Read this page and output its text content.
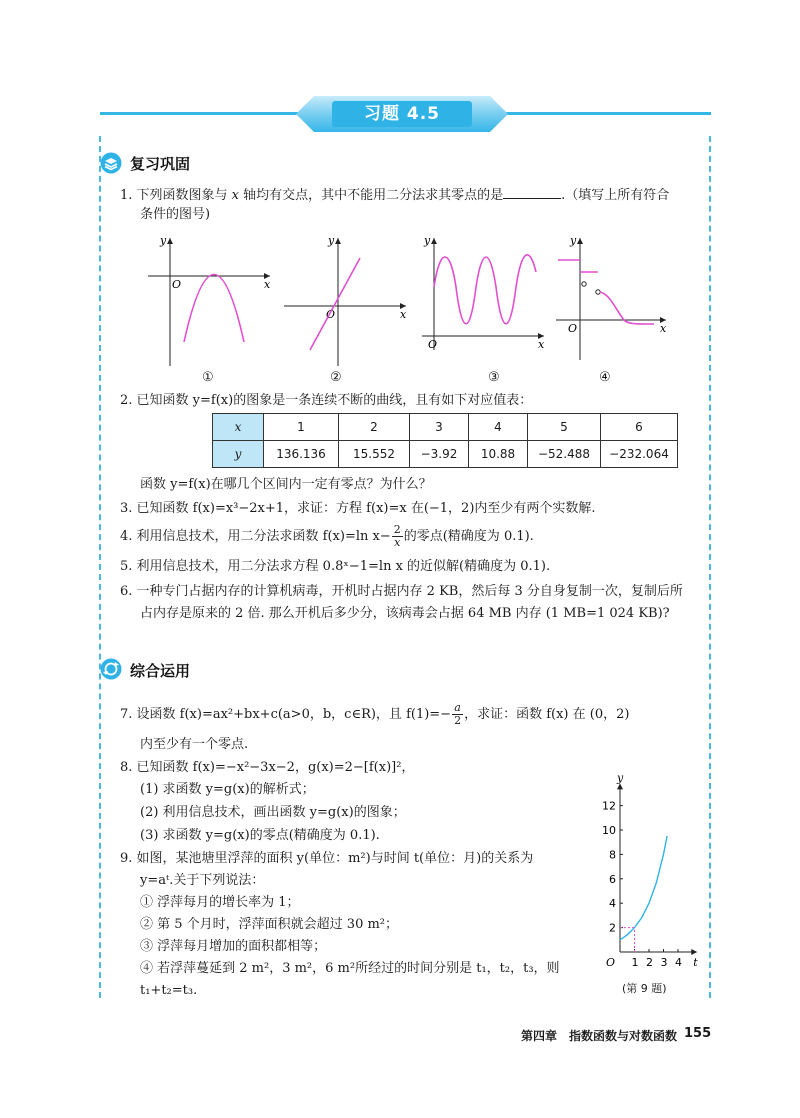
习题 4.5
复习巩固
1. 下列函数图象与 x 轴均有交点，其中不能用二分法求其零点的是	.（填写上所有符合
条件的图号)
y
x
O
y
x
O
y
x
O
y
x
O
①	②	③	④
2. 已知函数 y=f(x)的图象是一条连续不断的曲线，且有如下对应值表：
x	1	2	3	4	5	6
y	136.136	15.552	−3.92	10.88	−52.488	−232.064
函数 y=f(x)在哪几个区间内一定有零点？为什么？
3. 已知函数 f(x)=x³−2x+1，求证：方程 f(x)=x 在(−1，2)内至少有两个实数解.
4. 利用信息技术，用二分法求函数 f(x)=ln $x- \frac{2}{x}$ 的零点(精确度为 0.1).
5. 利用信息技术，用二分法求方程 0.8ˣ−1=ln x 的近似解(精确度为 0.1).
6. 一种专门占据内存的计算机病毒，开机时占据内存 2 KB，然后每 3 分自身复制一次，复制后所
占内存是原来的 2 倍. 那么开机后多少分，该病毒会占据 64 MB 内存 (1 MB=1 024 KB)?
综合运用
7. 设函数 f(x)=ax²+bx+c(a>0，b，c∈R)，且 $f(1)=- \frac{a}{2}$ ，求证：函数 f(x) 在 (0，2)
内至少有一个零点.
8. 已知函数 f(x)=−x²−3x−2，g(x)=2−[f(x)]²，
(1) 求函数 y=g(x)的解析式；
(2) 利用信息技术，画出函数 y=g(x)的图象；
(3) 求函数 y=g(x)的零点(精确度为 0.1).
9. 如图，某池塘里浮萍的面积 y(单位：m²)与时间 t(单位：月)的关系为
y=aᵗ.关于下列说法：
① 浮萍每月的增长率为 1；
② 第 5 个月时，浮萍面积就会超过 30 m²；
③ 浮萍每月增加的面积都相等；
④ 若浮萍蔓延到 2 m²，3 m²，6 m²所经过的时间分别是 t₁，t₂，t₃，则
t₁+t₂=t₃.
y
t
O 1 2 3 4
2
4
6
8
10
12
(第 9 题)
第四章　指数函数与对数函数 155
